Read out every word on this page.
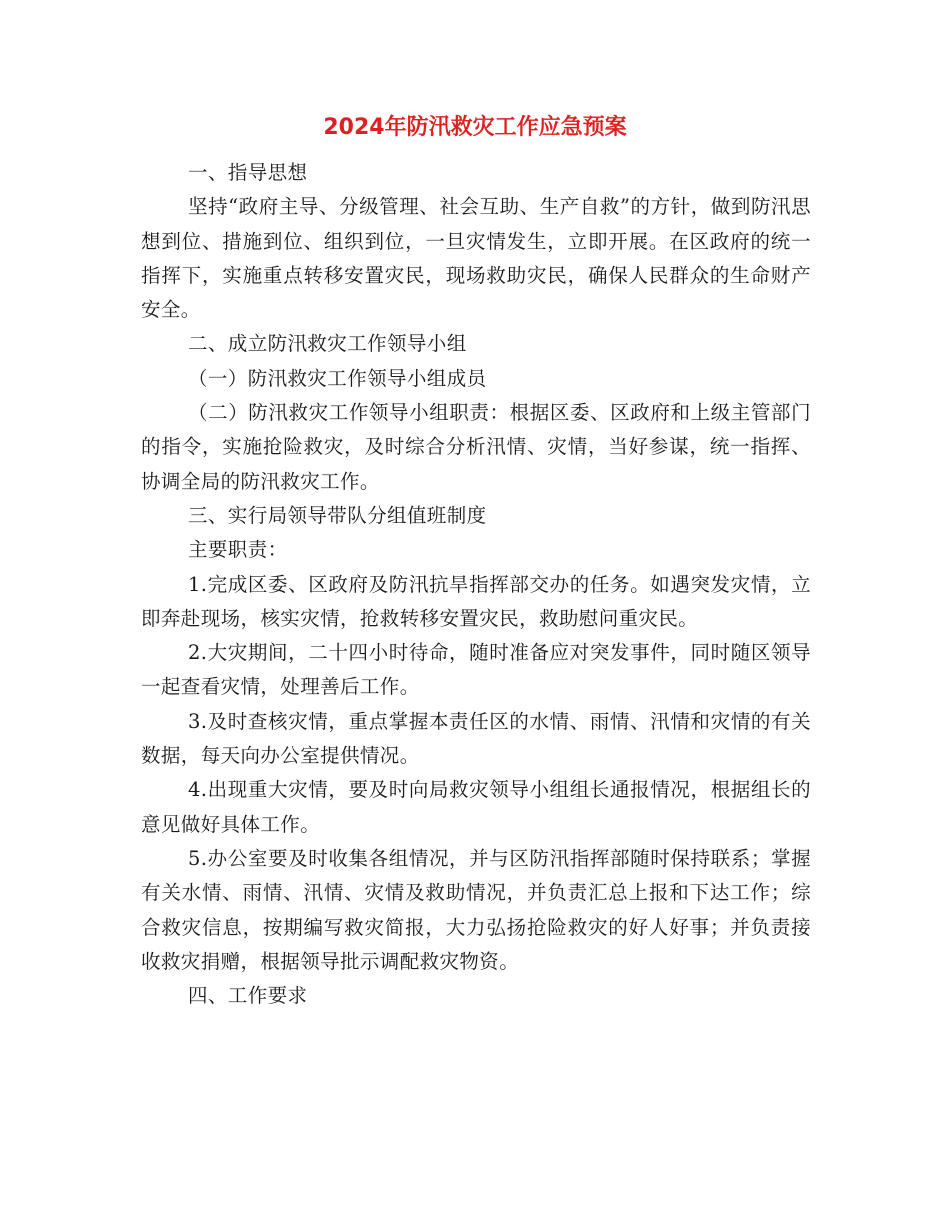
2024年防汛救灾工作应急预案

一、指导思想

坚持“政府主导、分级管理、社会互助、生产自救”的方针，做到防汛思想到位、措施到位、组织到位，一旦灾情发生，立即开展。在区政府的统一指挥下，实施重点转移安置灾民，现场救助灾民，确保人民群众的生命财产安全。

二、成立防汛救灾工作领导小组

（一）防汛救灾工作领导小组成员

（二）防汛救灾工作领导小组职责：根据区委、区政府和上级主管部门的指令，实施抢险救灾，及时综合分析汛情、灾情，当好参谋，统一指挥、协调全局的防汛救灾工作。

三、实行局领导带队分组值班制度

主要职责：

1.完成区委、区政府及防汛抗旱指挥部交办的任务。如遇突发灾情，立即奔赴现场，核实灾情，抢救转移安置灾民，救助慰问重灾民。

2.大灾期间，二十四小时待命，随时准备应对突发事件，同时随区领导一起查看灾情，处理善后工作。

3.及时查核灾情，重点掌握本责任区的水情、雨情、汛情和灾情的有关数据，每天向办公室提供情况。

4.出现重大灾情，要及时向局救灾领导小组组长通报情况，根据组长的意见做好具体工作。

5.办公室要及时收集各组情况，并与区防汛指挥部随时保持联系；掌握有关水情、雨情、汛情、灾情及救助情况，并负责汇总上报和下达工作；综合救灾信息，按期编写救灾简报，大力弘扬抢险救灾的好人好事；并负责接收救灾捐赠，根据领导批示调配救灾物资。

四、工作要求
